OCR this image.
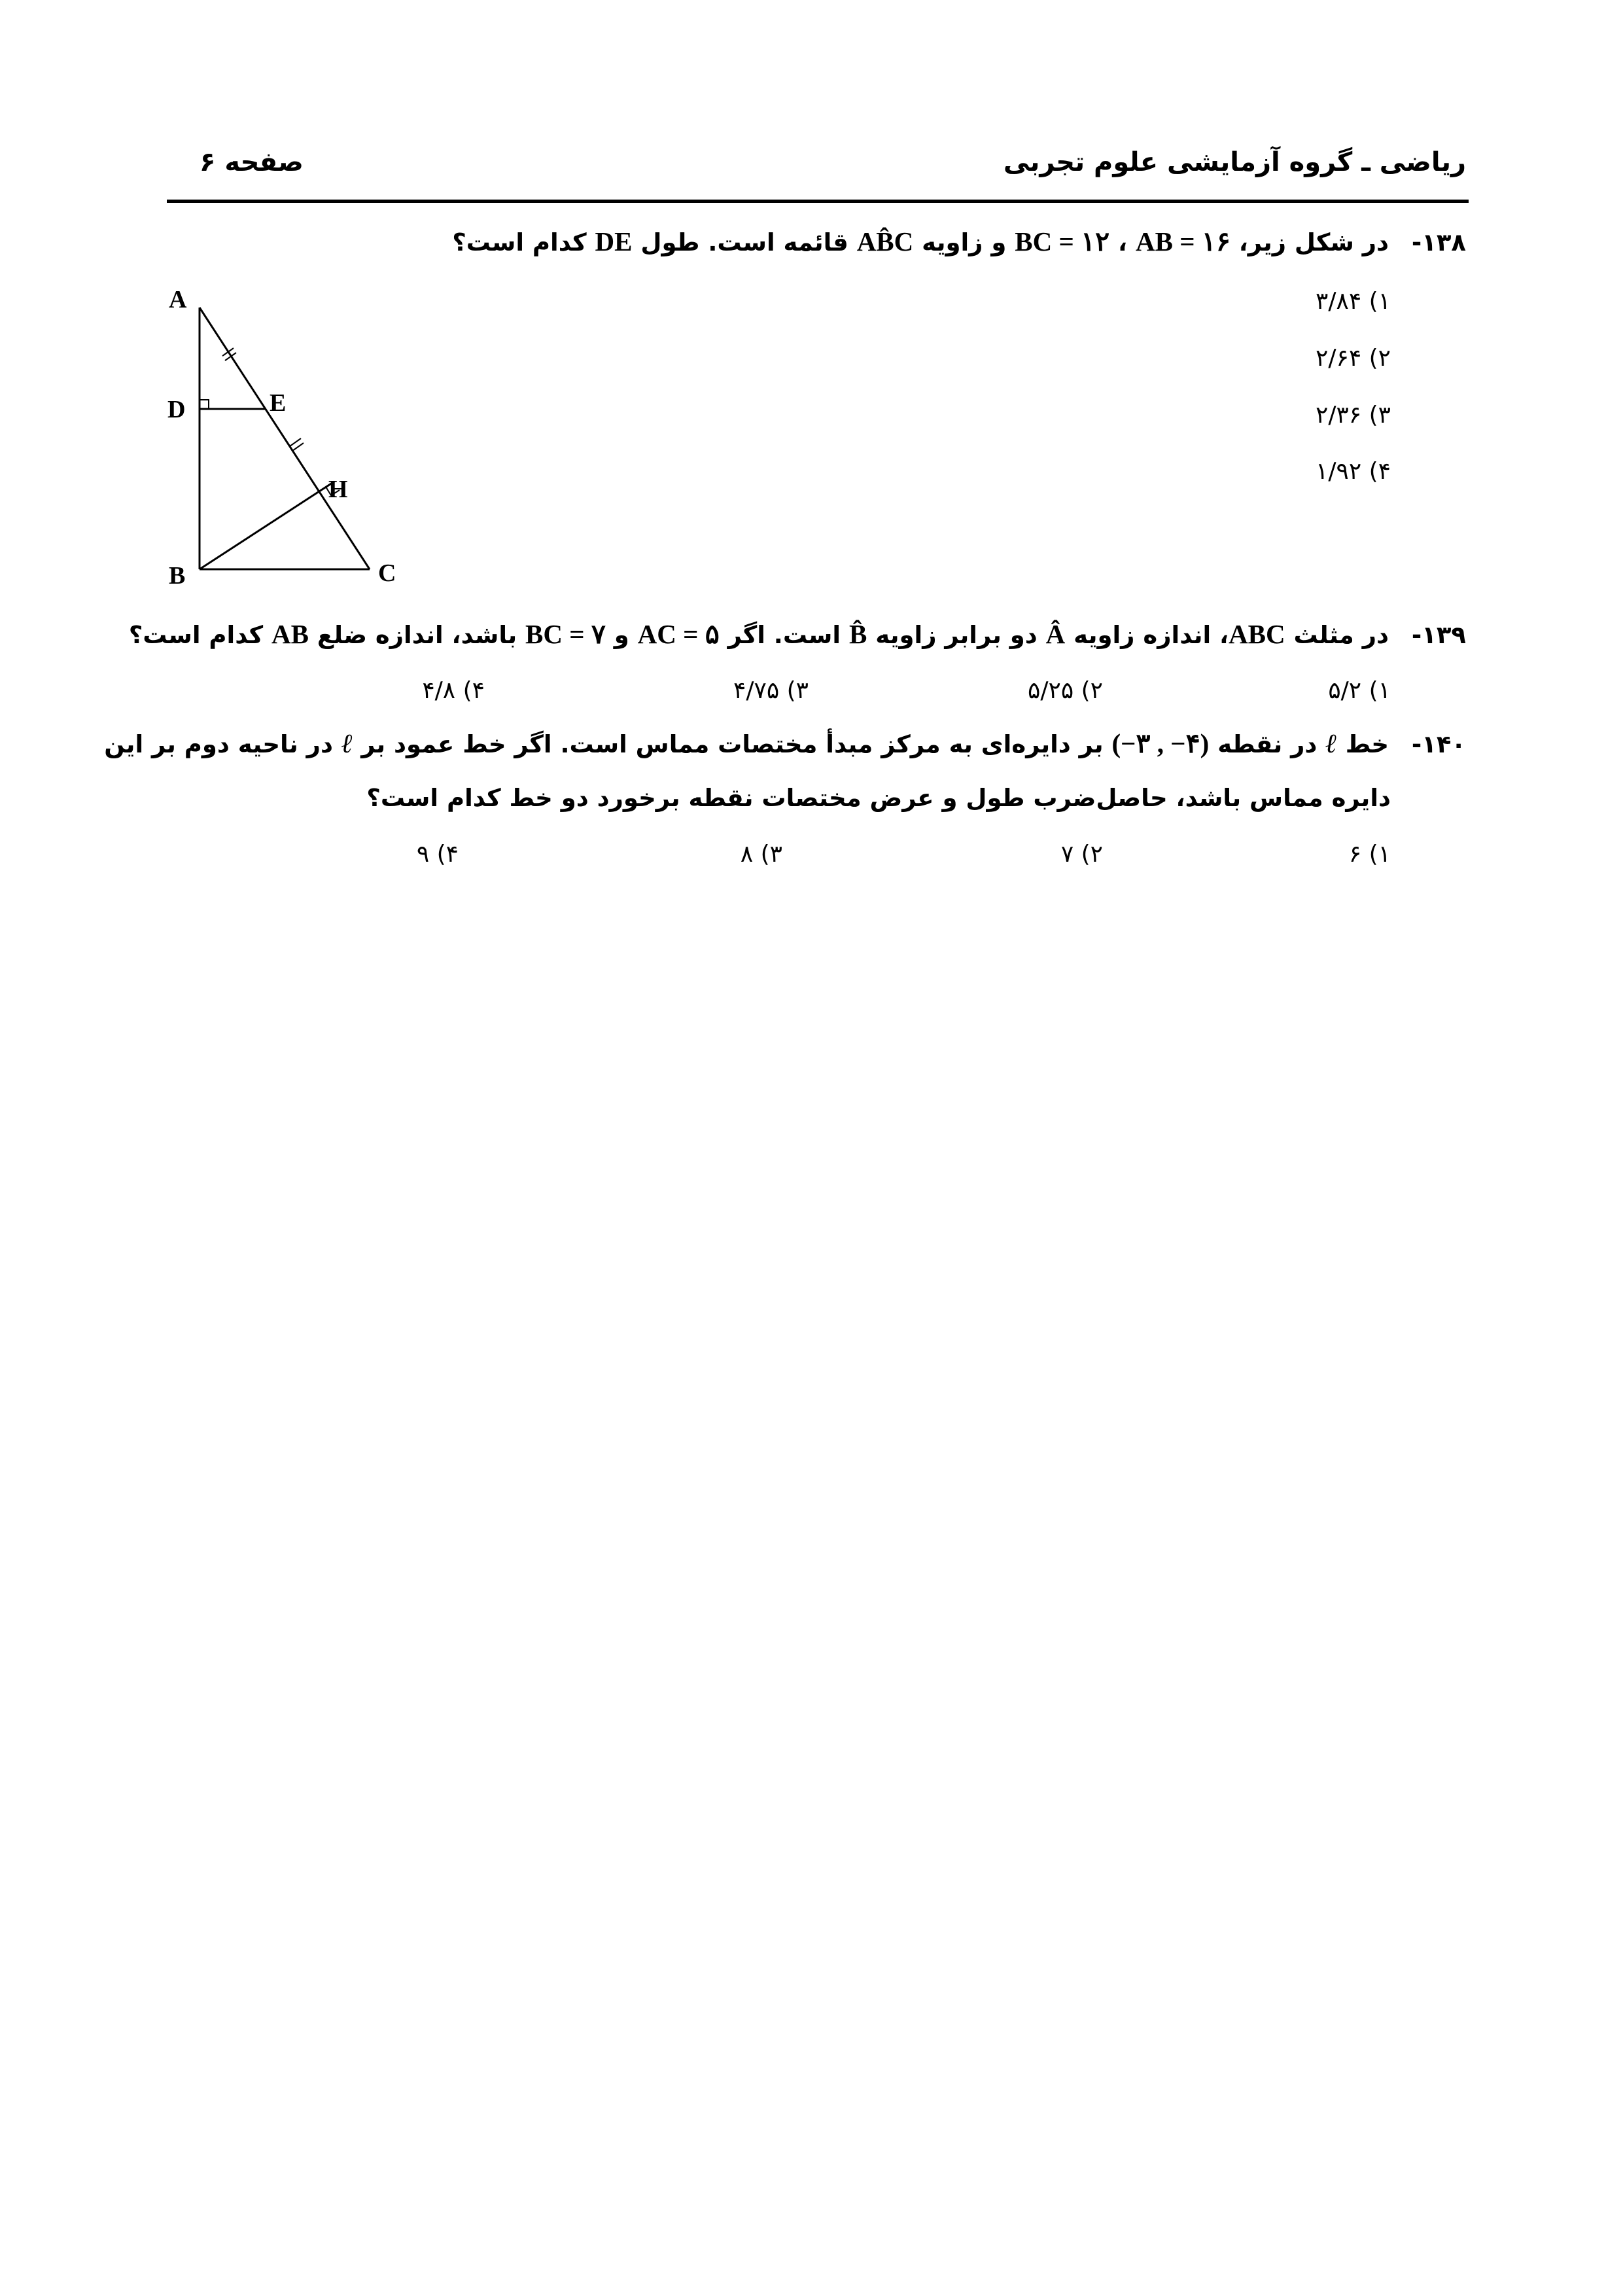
ریاضی ـ گروه آزمایشی علوم تجربی
صفحه ۶
۱۳۸- در شکل زیر، AB = ۱۶ ، BC = ۱۲ و زاویه AB̂C قائمه است. طول DE کدام است؟
۱) ۳/۸۴
۲) ۲/۶۴
۳) ۲/۳۶
۴) ۱/۹۲
A
D	E
H
B	C
۱۳۹- در مثلث ABC، اندازه زاویه Â دو برابر زاویه B̂ است. اگر AC = ۵ و BC = ۷ باشد، اندازه ضلع AB کدام است؟
۱) ۵/۲
۲) ۵/۲۵
۳) ۴/۷۵
۴) ۴/۸
۱۴۰- خط ℓ در نقطه (−۳ , −۴) بر دایره‌ای به مرکز مبدأ مختصات مماس است. اگر خط عمود بر ℓ در ناحیه دوم بر این
دایره مماس باشد، حاصل‌ضرب طول و عرض مختصات نقطه برخورد دو خط کدام است؟
۱) ۶
۲) ۷
۳) ۸
۴) ۹
